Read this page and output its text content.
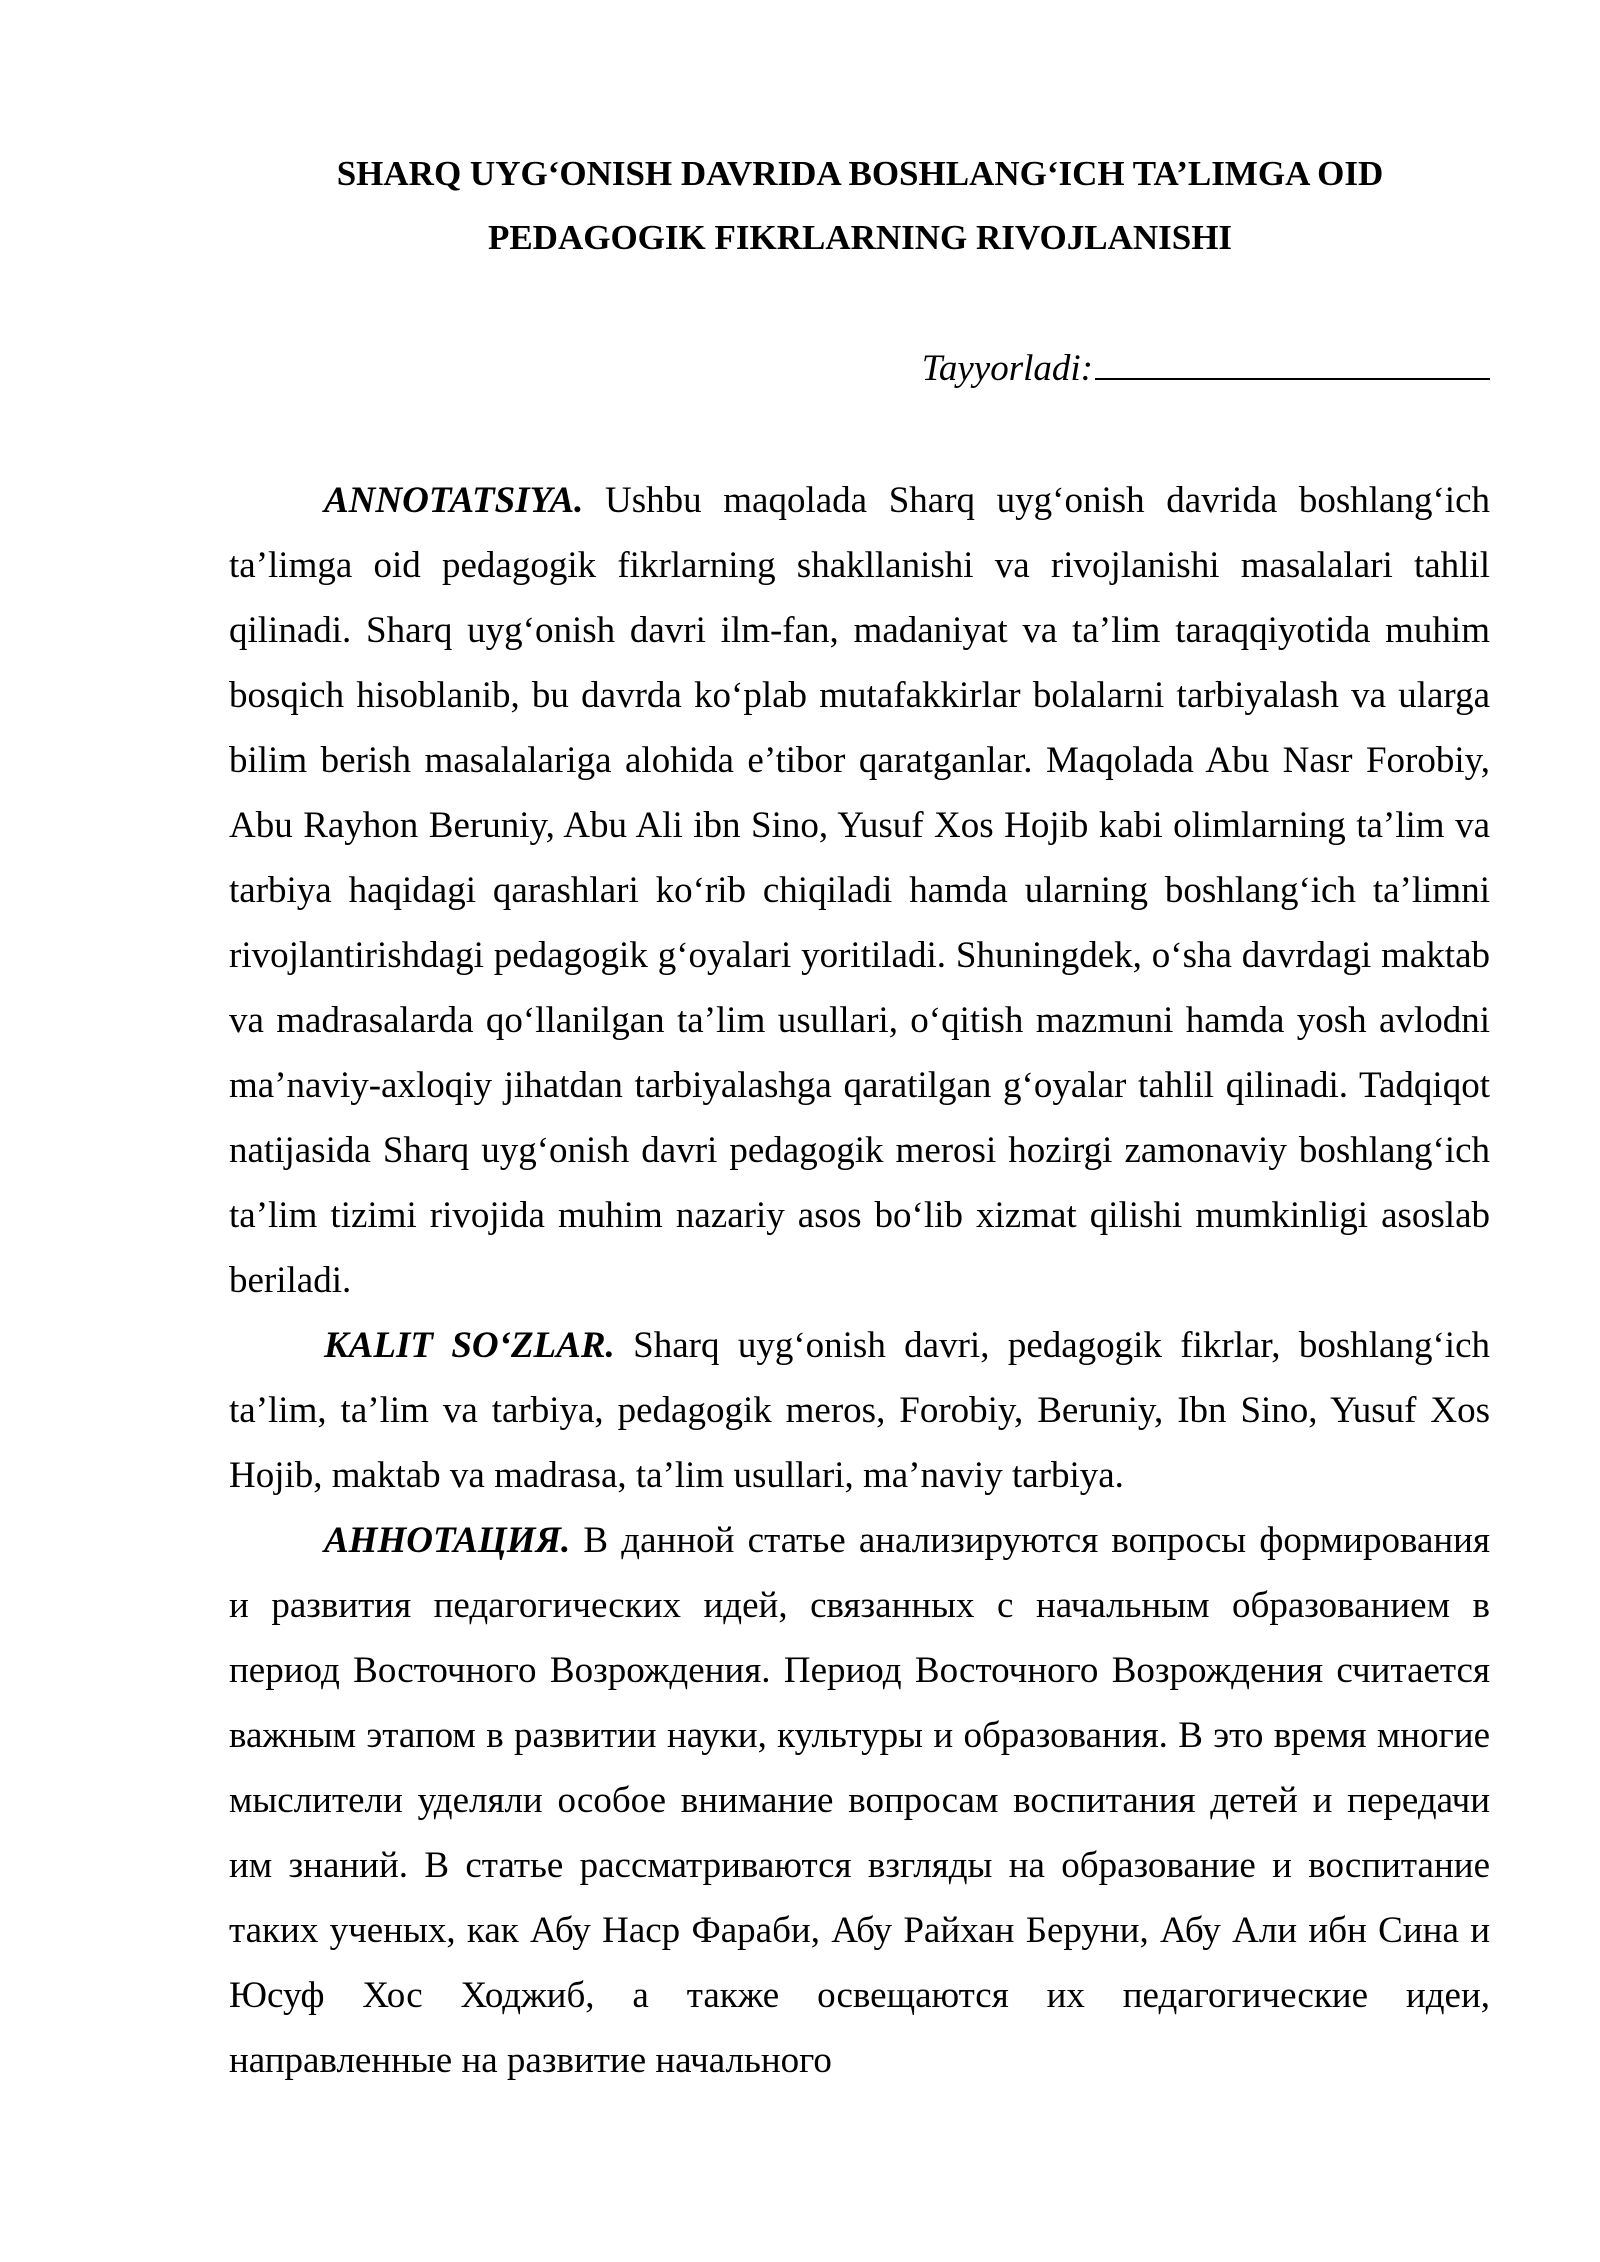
SHARQ UYG‘ONISH DAVRIDA BOSHLANG‘ICH TA’LIMGA OID
PEDAGOGIK FIKRLARNING RIVOJLANISHI
Tayyorladi:

ANNOTATSIYA. Ushbu maqolada Sharq uyg‘onish davrida boshlang‘ich ta’limga oid pedagogik fikrlarning shakllanishi va rivojlanishi masalalari tahlil qilinadi. Sharq uyg‘onish davri ilm-fan, madaniyat va ta’lim taraqqiyotida muhim bosqich hisoblanib, bu davrda ko‘plab mutafakkirlar bolalarni tarbiyalash va ularga bilim berish masalalariga alohida e’tibor qaratganlar. Maqolada Abu Nasr Forobiy, Abu Rayhon Beruniy, Abu Ali ibn Sino, Yusuf Xos Hojib kabi olimlarning ta’lim va tarbiya haqidagi qarashlari ko‘rib chiqiladi hamda ularning boshlang‘ich ta’limni rivojlantirishdagi pedagogik g‘oyalari yoritiladi. Shuningdek, o‘sha davrdagi maktab va madrasalarda qo‘llanilgan ta’lim usullari, o‘qitish mazmuni hamda yosh avlodni ma’naviy-axloqiy jihatdan tarbiyalashga qaratilgan g‘oyalar tahlil qilinadi. Tadqiqot natijasida Sharq uyg‘onish davri pedagogik merosi hozirgi zamonaviy boshlang‘ich ta’lim tizimi rivojida muhim nazariy asos bo‘lib xizmat qilishi mumkinligi asoslab beriladi.

KALIT SO‘ZLAR. Sharq uyg‘onish davri, pedagogik fikrlar, boshlang‘ich ta’lim, ta’lim va tarbiya, pedagogik meros, Forobiy, Beruniy, Ibn Sino, Yusuf Xos Hojib, maktab va madrasa, ta’lim usullari, ma’naviy tarbiya.

АННОТАЦИЯ. В данной статье анализируются вопросы формирования и развития педагогических идей, связанных с начальным образованием в период Восточного Возрождения. Период Восточного Возрождения считается важным этапом в развитии науки, культуры и образования. В это время многие мыслители уделяли особое внимание вопросам воспитания детей и передачи им знаний. В статье рассматриваются взгляды на образование и воспитание таких ученых, как Абу Наср Фараби, Абу Райхан Беруни, Абу Али ибн Сина и Юсуф Хос Ходжиб, а также освещаются их педагогические идеи, направленные на развитие начального
